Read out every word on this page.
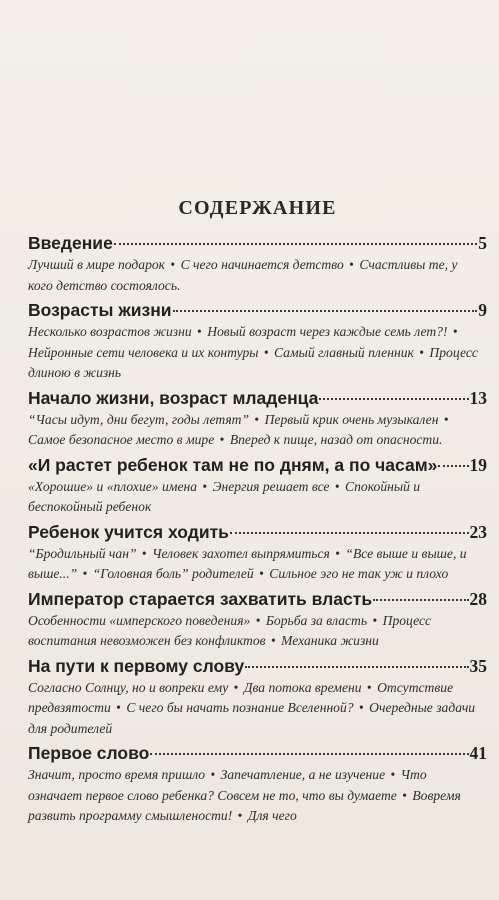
СОДЕРЖАНИЕ
Введение	5
Лучший в мире подарок • С чего начинается детство • Счастливы те, у кого детство состоялось.
Возрасты жизни	9
Несколько возрастов жизни • Новый возраст через каждые семь лет?! • Нейронные сети человека и их контуры • Самый главный пленник • Процесс длиною в жизнь
Начало жизни, возраст младенца	13
“Часы идут, дни бегут, годы летят” • Первый крик очень музыкален • Самое безопасное место в мире • Вперед к пище, назад от опасности.
«И растет ребенок там не по дням, а по часам» 19
«Хорошие» и «плохие» имена • Энергия решает все • Спокойный и беспокойный ребенок
Ребенок учится ходить	23
“Бродильный чан” • Человек захотел выпрямиться • “Все выше и выше, и выше...” • “Головная боль” родителей • Сильное эго не так уж и плохо
Император старается захватить власть	28
Особенности «имперского поведения» • Борьба за власть • Процесс воспитания невозможен без конфликтов • Механика жизни
На пути к первому слову	35
Согласно Солнцу, но и вопреки ему • Два потока времени • Отсутствие предвзятости • С чего бы начать познание Вселенной? • Очередные задачи для родителей
Первое слово	41
Значит, просто время пришло • Запечатление, а не изучение • Что означает первое слово ребенка? Совсем не то, что вы думаете • Вовремя развить программу смышлености! • Для чего
